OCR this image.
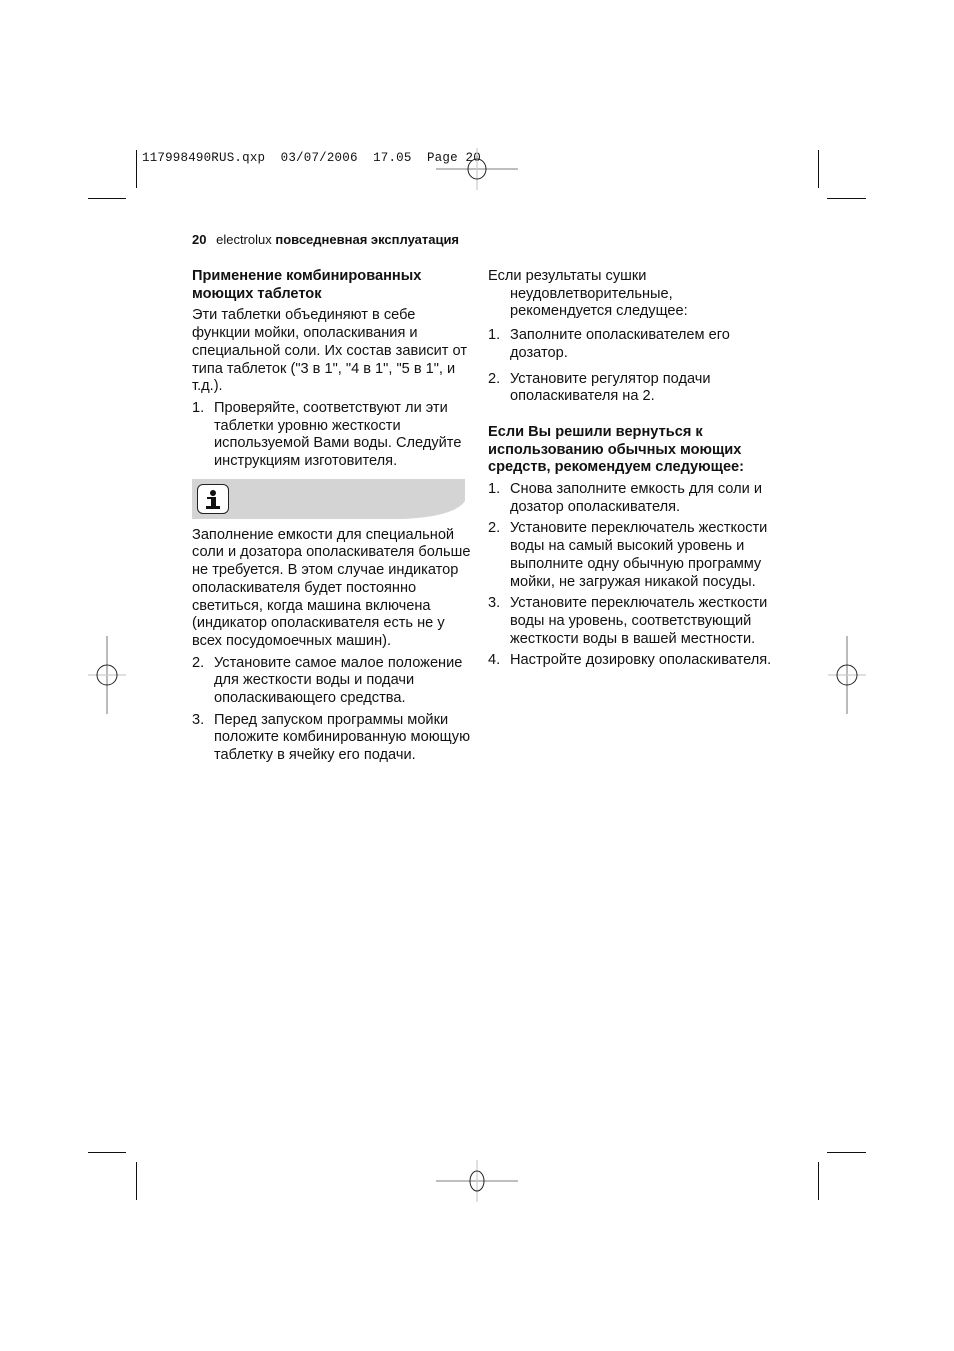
117998490RUS.qxp 03/07/2006 17.05 Page 20
20 electrolux повседневная эксплуатация
Применение комбинированных моющих таблеток
Эти таблетки объединяют в себе функции мойки, ополаскивания и специальной соли. Их состав зависит от типа таблеток ("3 в 1", "4 в 1", "5 в 1", и т.д.).
1. Проверяйте, соответствуют ли эти таблетки уровню жесткости используемой Вами воды. Следуйте инструкциям изготовителя.
Заполнение емкости для специальной соли и дозатора ополаскивателя больше не требуется. В этом случае индикатор ополаскивателя будет постоянно светиться, когда машина включена (индикатор ополаскивателя есть не у всех посудомоечных машин).
2. Установите самое малое положение для жесткости воды и подачи ополаскивающего средства.
3. Перед запуском программы мойки положите комбинированную моющую таблетку в ячейку его подачи.
Если результаты сушки неудовлетворительные, рекомендуется следущее:
1. Заполните ополаскивателем его дозатор.
2. Установите регулятор подачи ополаскивателя на 2.
Если Вы решили вернуться к использованию обычных моющих средств, рекомендуем следующее:
1. Снова заполните емкость для соли и дозатор ополаскивателя.
2. Установите переключатель жесткости воды на самый высокий уровень и выполните одну обычную программу мойки, не загружая никакой посуды.
3. Установите переключатель жесткости воды на уровень, соответствующий жесткости воды в вашей местности.
4. Настройте дозировку ополаскивателя.
